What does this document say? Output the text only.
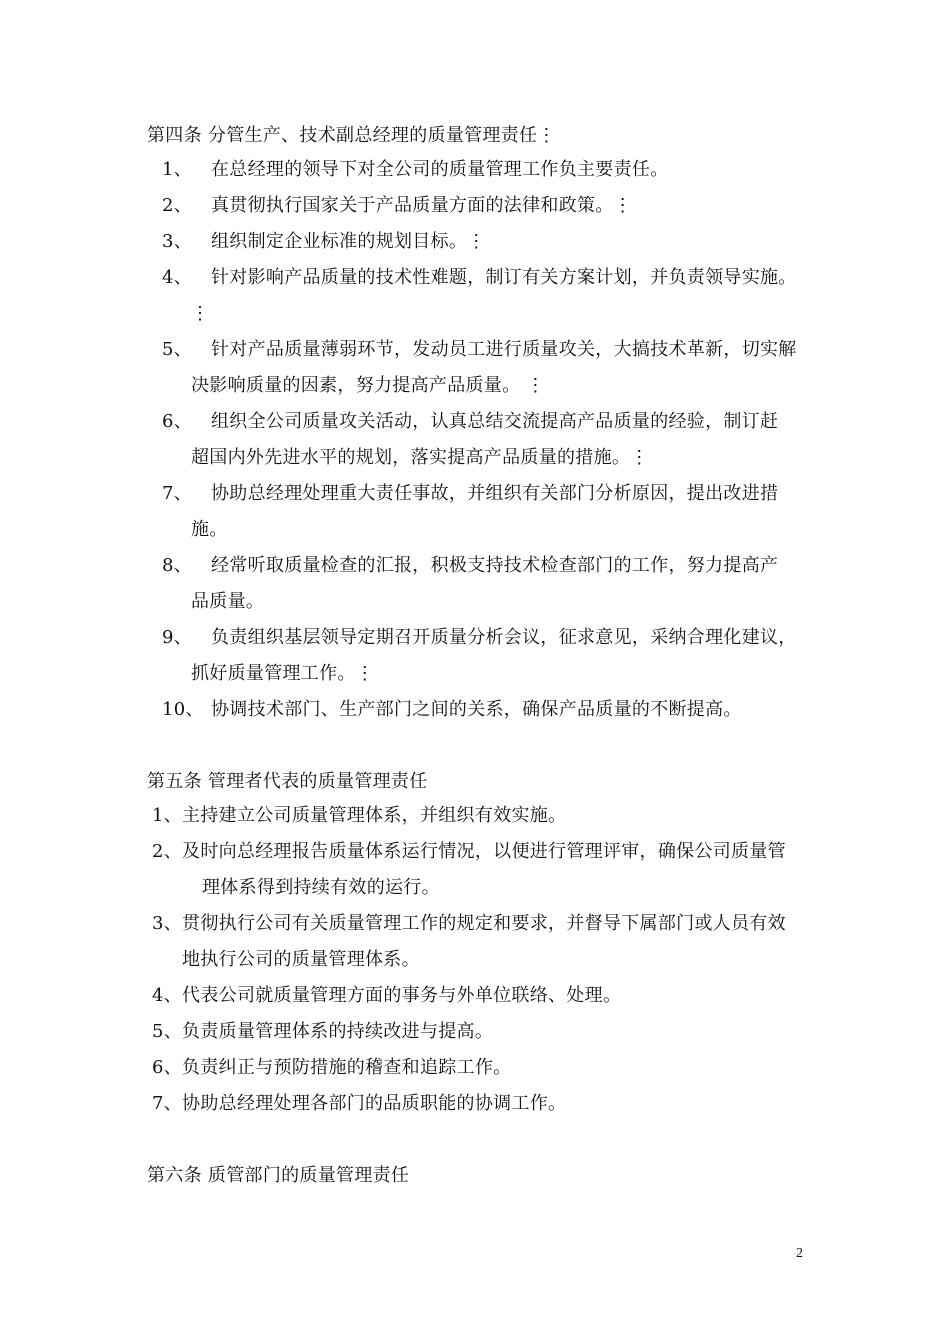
第四条 分管生产、技术副总经理的质量管理责任⋮
1、	在总经理的领导下对全公司的质量管理工作负主要责任。
2、	真贯彻执行国家关于产品质量方面的法律和政策。⋮
3、	组织制定企业标准的规划目标。⋮
4、	针对影响产品质量的技术性难题，制订有关方案计划，并负责领导实施。
⋮
5、	针对产品质量薄弱环节，发动员工进行质量攻关，大搞技术革新，切实解
决影响质量的因素，努力提高产品质量。 ⋮
6、	组织全公司质量攻关活动，认真总结交流提高产品质量的经验，制订赶
超国内外先进水平的规划，落实提高产品质量的措施。⋮
7、	协助总经理处理重大责任事故，并组织有关部门分析原因，提出改进措
施。
8、	经常听取质量检查的汇报，积极支持技术检查部门的工作，努力提高产
品质量。
9、	负责组织基层领导定期召开质量分析会议，征求意见，采纳合理化建议，
抓好质量管理工作。⋮
10、 协调技术部门、生产部门之间的关系，确保产品质量的不断提高。
第五条 管理者代表的质量管理责任
1、主持建立公司质量管理体系，并组织有效实施。
2、及时向总经理报告质量体系运行情况，以便进行管理评审，确保公司质量管
理体系得到持续有效的运行。
3、贯彻执行公司有关质量管理工作的规定和要求，并督导下属部门或人员有效
地执行公司的质量管理体系。
4、代表公司就质量管理方面的事务与外单位联络、处理。
5、负责质量管理体系的持续改进与提高。
6、负责纠正与预防措施的稽查和追踪工作。
7、协助总经理处理各部门的品质职能的协调工作。
第六条 质管部门的质量管理责任
2
